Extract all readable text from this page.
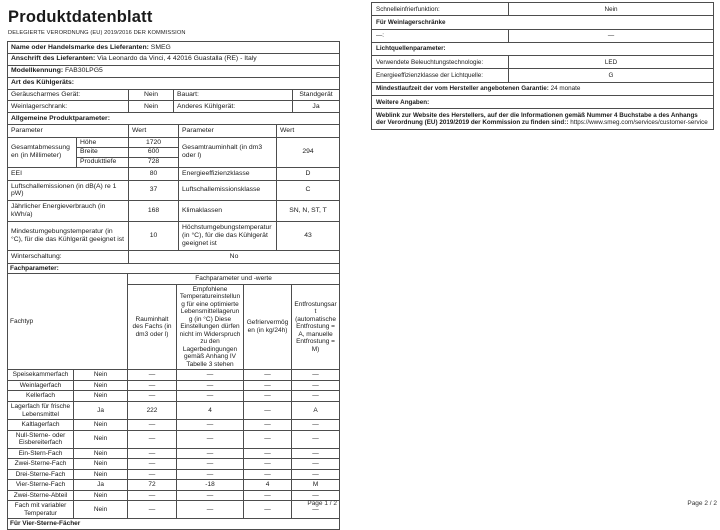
Produktdatenblatt
DELEGIERTE VERORDNUNG (EU) 2019/2016 DER KOMMISSION
Name oder Handelsmarke des Lieferanten: SMEG			
Anschrift des Lieferanten: Via Leonardo da Vinci, 4 42016 Guastalla (RE) - Italy			
Modellkennung: FAB30LPG5			
Art des Kühlgeräts:			
Geräuscharmes Gerät:	Nein	Bauart:	Standgerät
Weinlagerschrank:	Nein	Anderes Kühlgerät:	Ja
Allgemeine Produktparameter:			
Parameter		Wert	Parameter	Wert
Gesamtabmessungen (in Millimeter)	Höhe	1720	Gesamtrauminhalt (in dm3 oder l)	294
	Breite	600		
	Produkttiefe	728		
EEI		80	Energieeffizienzklasse	D
Luftschallemissionen (in dB(A) re 1 pW)		37	Luftschallemissionsklasse	C
Jährlicher Energieverbrauch (in kWh/a)		168	Klimaklassen	SN, N, ST, T
Mindestumgebungstemperatur (in °C), für die das Kühlgerät geeignet ist		10	Höchstumgebungstemperatur (in °C), für die das Kühlgerät geeignet ist	43
Winterschaltung:		No		
Fachparameter:					
Fachtyp		Fachparameter und -werte			
		Rauminhalt des Fachs (in dm3 oder l)	Empfohlene Temperatureinstellung für eine optimierte Lebensmittellagerung (in °C) Diese Einstellungen dürfen nicht im Widerspruch zu den Lagerbedingungen gemäß Anhang IV Tabelle 3 stehen	Gefriervermögen (in kg/24h)	Entfrostungsart (automatische Entfrostung = A, manuelle Entfrostung = M)
Speisekammerfach	Nein	—	—	—	—
Weinlagerfach	Nein	—	—	—	—
Kellerfach	Nein	—	—	—	—
Lagerfach für frische Lebensmittel	Ja	222	4	—	A
Kaltlagerfach	Nein	—	—	—	—
Null-Sterne- oder Eisbereiterfach	Nein	—	—	—	—
Ein-Stern-Fach	Nein	—	—	—	—
Zwei-Sterne-Fach	Nein	—	—	—	—
Drei-Sterne-Fach	Nein	—	—	—	—
Vier-Sterne-Fach	Ja	72	-18	4	M
Zwei-Sterne-Abteil	Nein	—	—	—	—
Fach mit variabler Temperatur	Nein	—	—	—	—
Für Vier-Sterne-Fächer					
Schnelleinfrierfunktion:	Nein
Für Weinlagerschränke	
—:	—
Lichtquellenparameter:	
Verwendete Beleuchtungstechnologie:	LED
Energieeffizienzklasse der Lichtquelle:	G
Mindestlaufzeit der vom Hersteller angebotenen Garantie: 24 monate	
Weitere Angaben:	
Weblink zur Website des Herstellers, auf der die Informationen gemäß Nummer 4 Buchstabe a des Anhangs der Verordnung (EU) 2019/2019 der Kommission zu finden sind:: https://www.smeg.com/services/customer-service	
Page 1 / 2	Page 2 / 2
